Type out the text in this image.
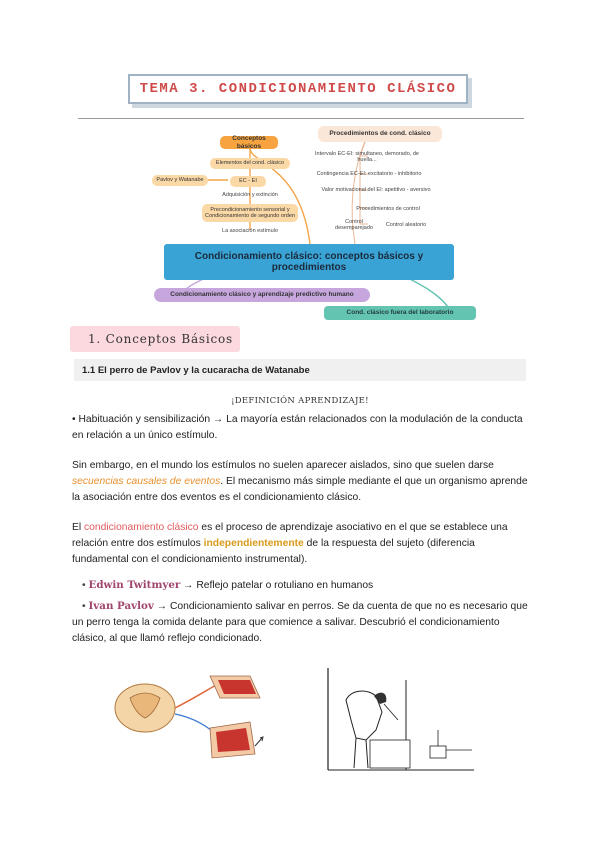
TEMA 3. CONDICIONAMIENTO CLÁSICO
Conceptos básicos
Elementos del cond. clásico
Pavlov y Watanabe	EC - EI
Adquisición y extinción
Precondicionamiento sensorial y Condicionamiento de segundo orden
La asociación estímulo
Procedimientos de cond. clásico
Intervalo EC-EI: simultaneo, demorado, de huella...
Contingencia EC-EI: excitatorio - inhibitorio
Valor motivacional del EI: apetitivo - aversivo
Procedimientos de control
Control desemparejado
Control aleatorio
Condicionamiento clásico: conceptos básicos y procedimientos
Condicionamiento clásico y aprendizaje predictivo humano
Cond. clásico fuera del laboratorio
1. Conceptos Básicos
1.1 El perro de Pavlov y la cucaracha de Watanabe
¡DEFINICIÓN APRENDIZAJE!
• Habituación y sensibilización → La mayoría están relacionados con la modulación de la conducta en relación a un único estímulo.
Sin embargo, en el mundo los estímulos no suelen aparecer aislados, sino que suelen darse secuencias causales de eventos. El mecanismo más simple mediante el que un organismo aprende la asociación entre dos eventos es el condicionamiento clásico.
El condicionamiento clásico es el proceso de aprendizaje asociativo en el que se establece una relación entre dos estímulos independientemente de la respuesta del sujeto (diferencia fundamental con el condicionamiento instrumental).
• Edwin Twitmyer → Reflejo patelar o rotuliano en humanos
• Ivan Pavlov → Condicionamiento salivar en perros. Se da cuenta de que no es necesario que un perro tenga la comida delante para que comience a salivar. Descubrió el condicionamiento clásico, al que llamó reflejo condicionado.
